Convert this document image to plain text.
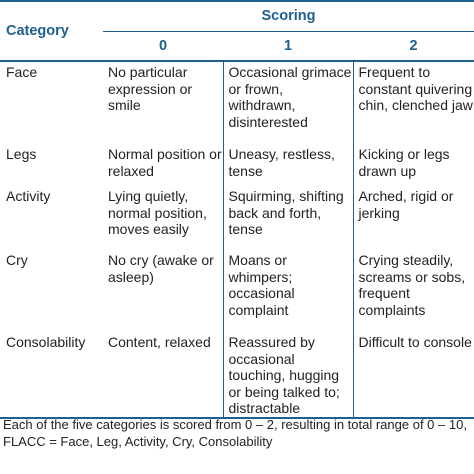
Category	Scoring		

	0	1	2
Face	No particular expression or smile	Occasional grimace or frown, withdrawn, disinterested	Frequent to constant quivering chin, clenched jaw
Legs	Normal position or relaxed	Uneasy, restless, tense	Kicking or legs drawn up
Activity	Lying quietly, normal position, moves easily	Squirming, shifting back and forth, tense	Arched, rigid or jerking
Cry	No cry (awake or asleep)	Moans or whimpers; occasional complaint	Crying steadily, screams or sobs, frequent complaints
Consolability	Content, relaxed	Reassured by occasional touching, hugging or being talked to; distractable	Difficult to console
Each of the five categories is scored from 0 – 2, resulting in total range of 0 – 10, FLACC = Face, Leg, Activity, Cry, Consolability
